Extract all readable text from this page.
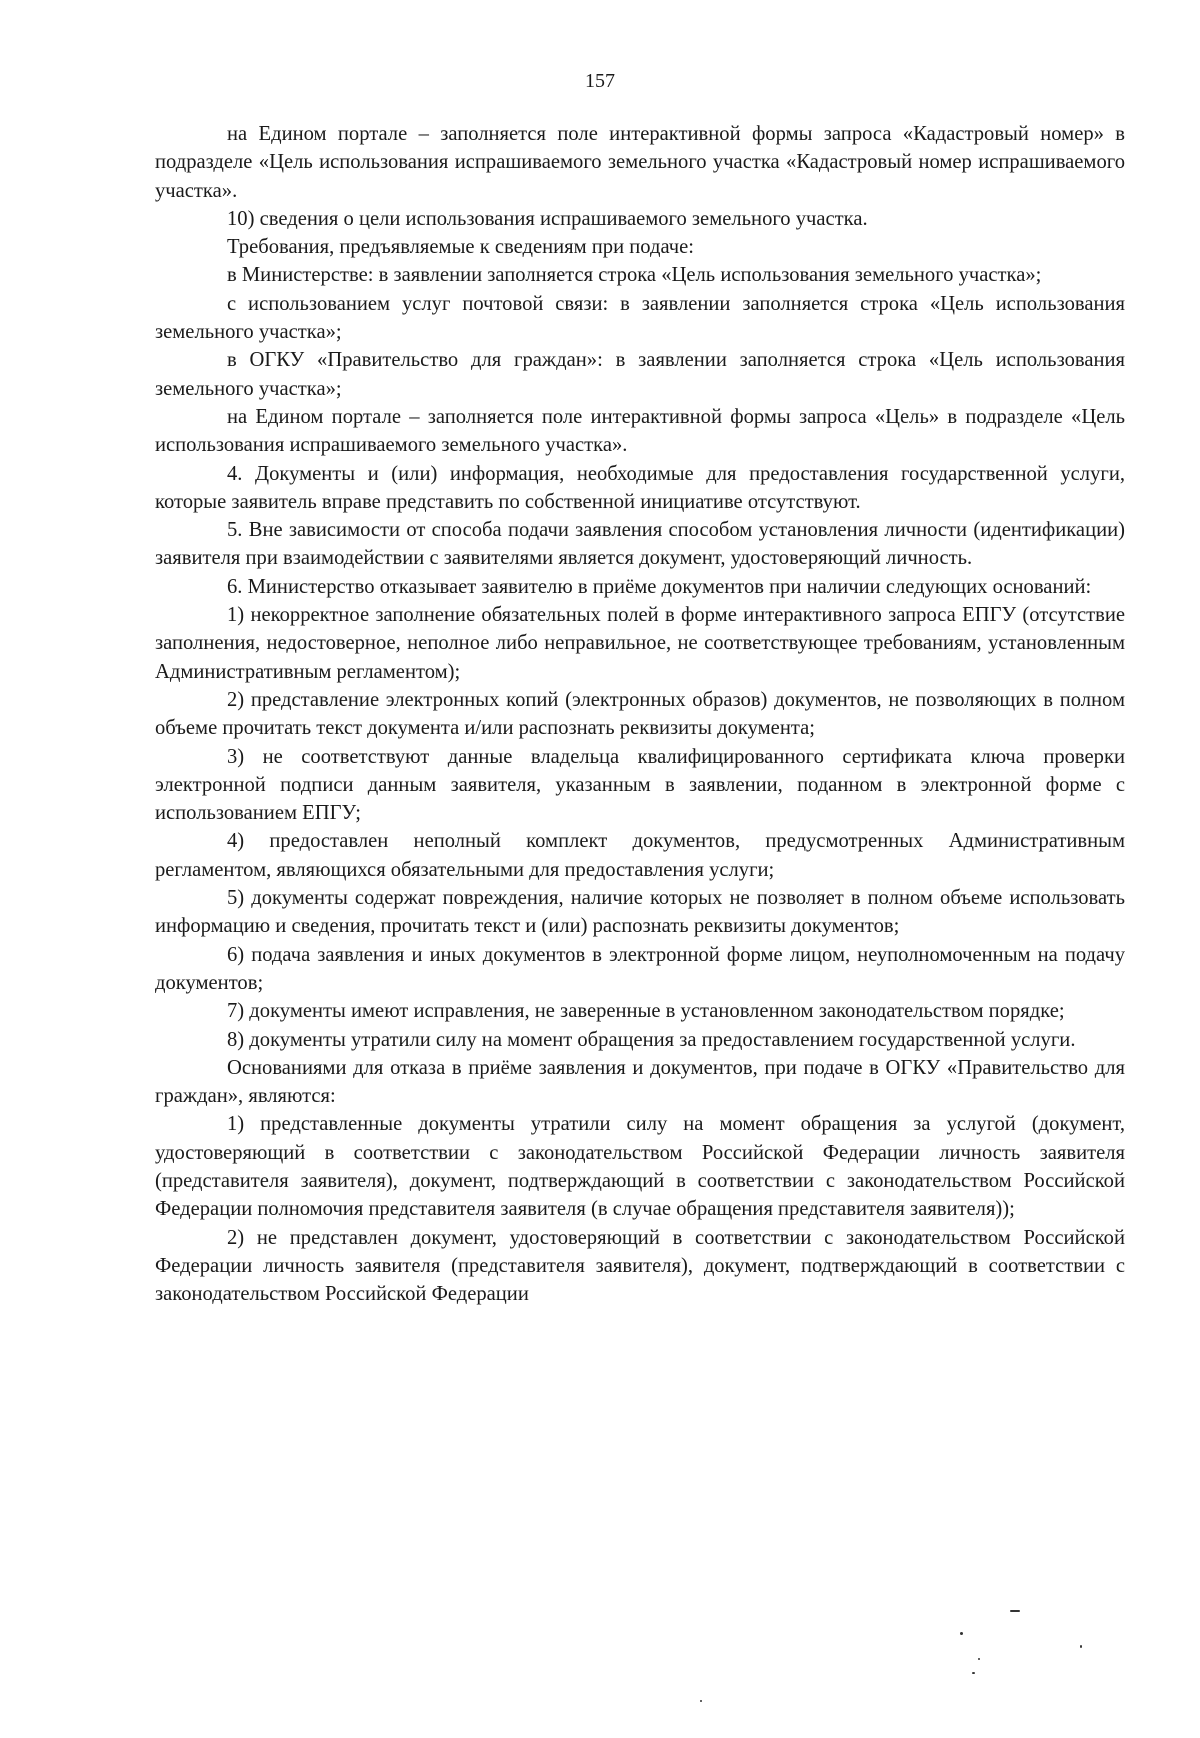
157

на Едином портале – заполняется поле интерактивной формы запроса «Кадастровый номер» в подразделе «Цель использования испрашиваемого земельного участка «Кадастровый номер испрашиваемого участка».

10) сведения о цели использования испрашиваемого земельного участка.

Требования, предъявляемые к сведениям при подаче:

в Министерстве: в заявлении заполняется строка «Цель использования земельного участка»;

с использованием услуг почтовой связи: в заявлении заполняется строка «Цель использования земельного участка»;

в ОГКУ «Правительство для граждан»: в заявлении заполняется строка «Цель использования земельного участка»;

на Едином портале – заполняется поле интерактивной формы запроса «Цель» в подразделе «Цель использования испрашиваемого земельного участка».

4. Документы и (или) информация, необходимые для предоставления государственной услуги, которые заявитель вправе представить по собственной инициативе отсутствуют.

5. Вне зависимости от способа подачи заявления способом установления личности (идентификации) заявителя при взаимодействии с заявителями является документ, удостоверяющий личность.

6. Министерство отказывает заявителю в приёме документов при наличии следующих оснований:

1) некорректное заполнение обязательных полей в форме интерактивного запроса ЕПГУ (отсутствие заполнения, недостоверное, неполное либо неправильное, не соответствующее требованиям, установленным Административным регламентом);

2) представление электронных копий (электронных образов) документов, не позволяющих в полном объеме прочитать текст документа и/или распознать реквизиты документа;

3) не соответствуют данные владельца квалифицированного сертификата ключа проверки электронной подписи данным заявителя, указанным в заявлении, поданном в электронной форме с использованием ЕПГУ;

4) предоставлен неполный комплект документов, предусмотренных Административным регламентом, являющихся обязательными для предоставления услуги;

5) документы содержат повреждения, наличие которых не позволяет в полном объеме использовать информацию и сведения, прочитать текст и (или) распознать реквизиты документов;

6) подача заявления и иных документов в электронной форме лицом, неуполномоченным на подачу документов;

7) документы имеют исправления, не заверенные в установленном законодательством порядке;

8) документы утратили силу на момент обращения за предоставлением государственной услуги.

Основаниями для отказа в приёме заявления и документов, при подаче в ОГКУ «Правительство для граждан», являются:

1) представленные документы утратили силу на момент обращения за услугой (документ, удостоверяющий в соответствии с законодательством Российской Федерации личность заявителя (представителя заявителя), документ, подтверждающий в соответствии с законодательством Российской Федерации полномочия представителя заявителя (в случае обращения представителя заявителя));

2) не представлен документ, удостоверяющий в соответствии с законодательством Российской Федерации личность заявителя (представителя заявителя), документ, подтверждающий в соответствии с законодательством Российской Федерации
